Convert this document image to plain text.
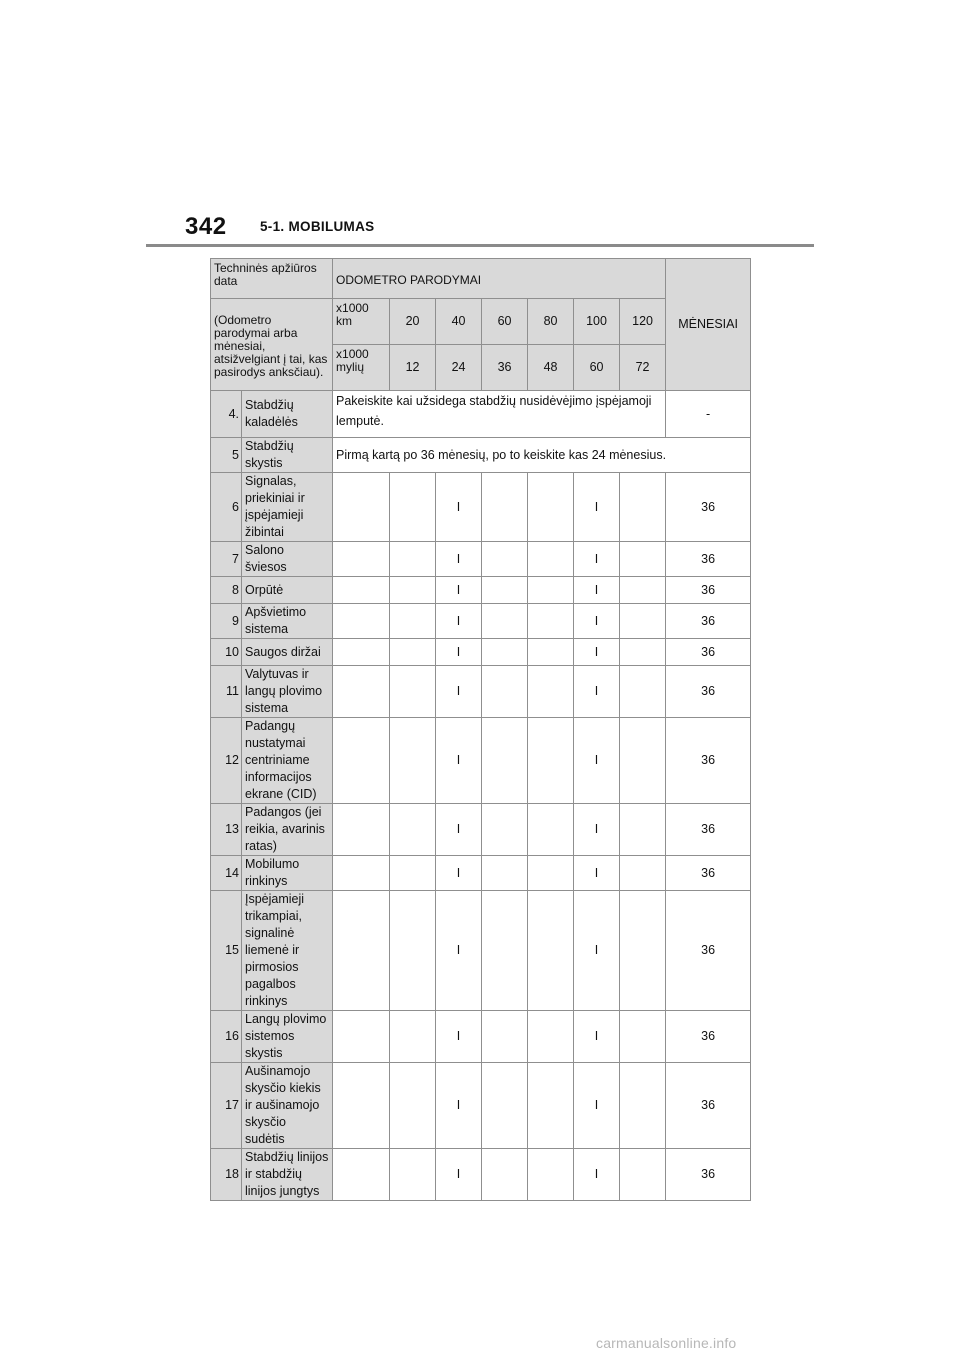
342 5-1. MOBILUMAS
Techninės apžiūros data		ODOMETRO PARODYMAI							MĖNESIAI
(Odometro parodymai arba mėnesiai, atsižvelgiant į tai, kas pasirodys anksčiau).		x1000 km	20	40	60	80	100	120	
		x1000 mylių	12	24	36	48	60	72	
4.	Stabdžių kaladėlės	Pakeiskite kai užsidega stabdžių nusidėvėjimo įspėjamoji lemputė.							-
5	Stabdžių skystis	Pirmą kartą po 36 mėnesių, po to keiskite kas 24 mėnesius.							
6	Signalas, priekiniai ir įspėjamieji žibintai			I			I		36
7	Salono šviesos			I			I		36
8	Orpūtė			I			I		36
9	Apšvietimo sistema			I			I		36
10	Saugos diržai			I			I		36
11	Valytuvas ir langų plovimo sistema			I			I		36
12	Padangų nustatymai centriniame informacijos ekrane (CID)			I			I		36
13	Padangos (jei reikia, avarinis ratas)			I			I		36
14	Mobilumo rinkinys			I			I		36
15	Įspėjamieji trikampiai, signalinė liemenė ir pirmosios pagalbos rinkinys			I			I		36
16	Langų plovimo sistemos skystis			I			I		36
17	Aušinamojo skysčio kiekis ir aušinamojo skysčio sudėtis			I			I		36
18	Stabdžių linijos ir stabdžių linijos jungtys			I			I		36
carmanualsonline.info
